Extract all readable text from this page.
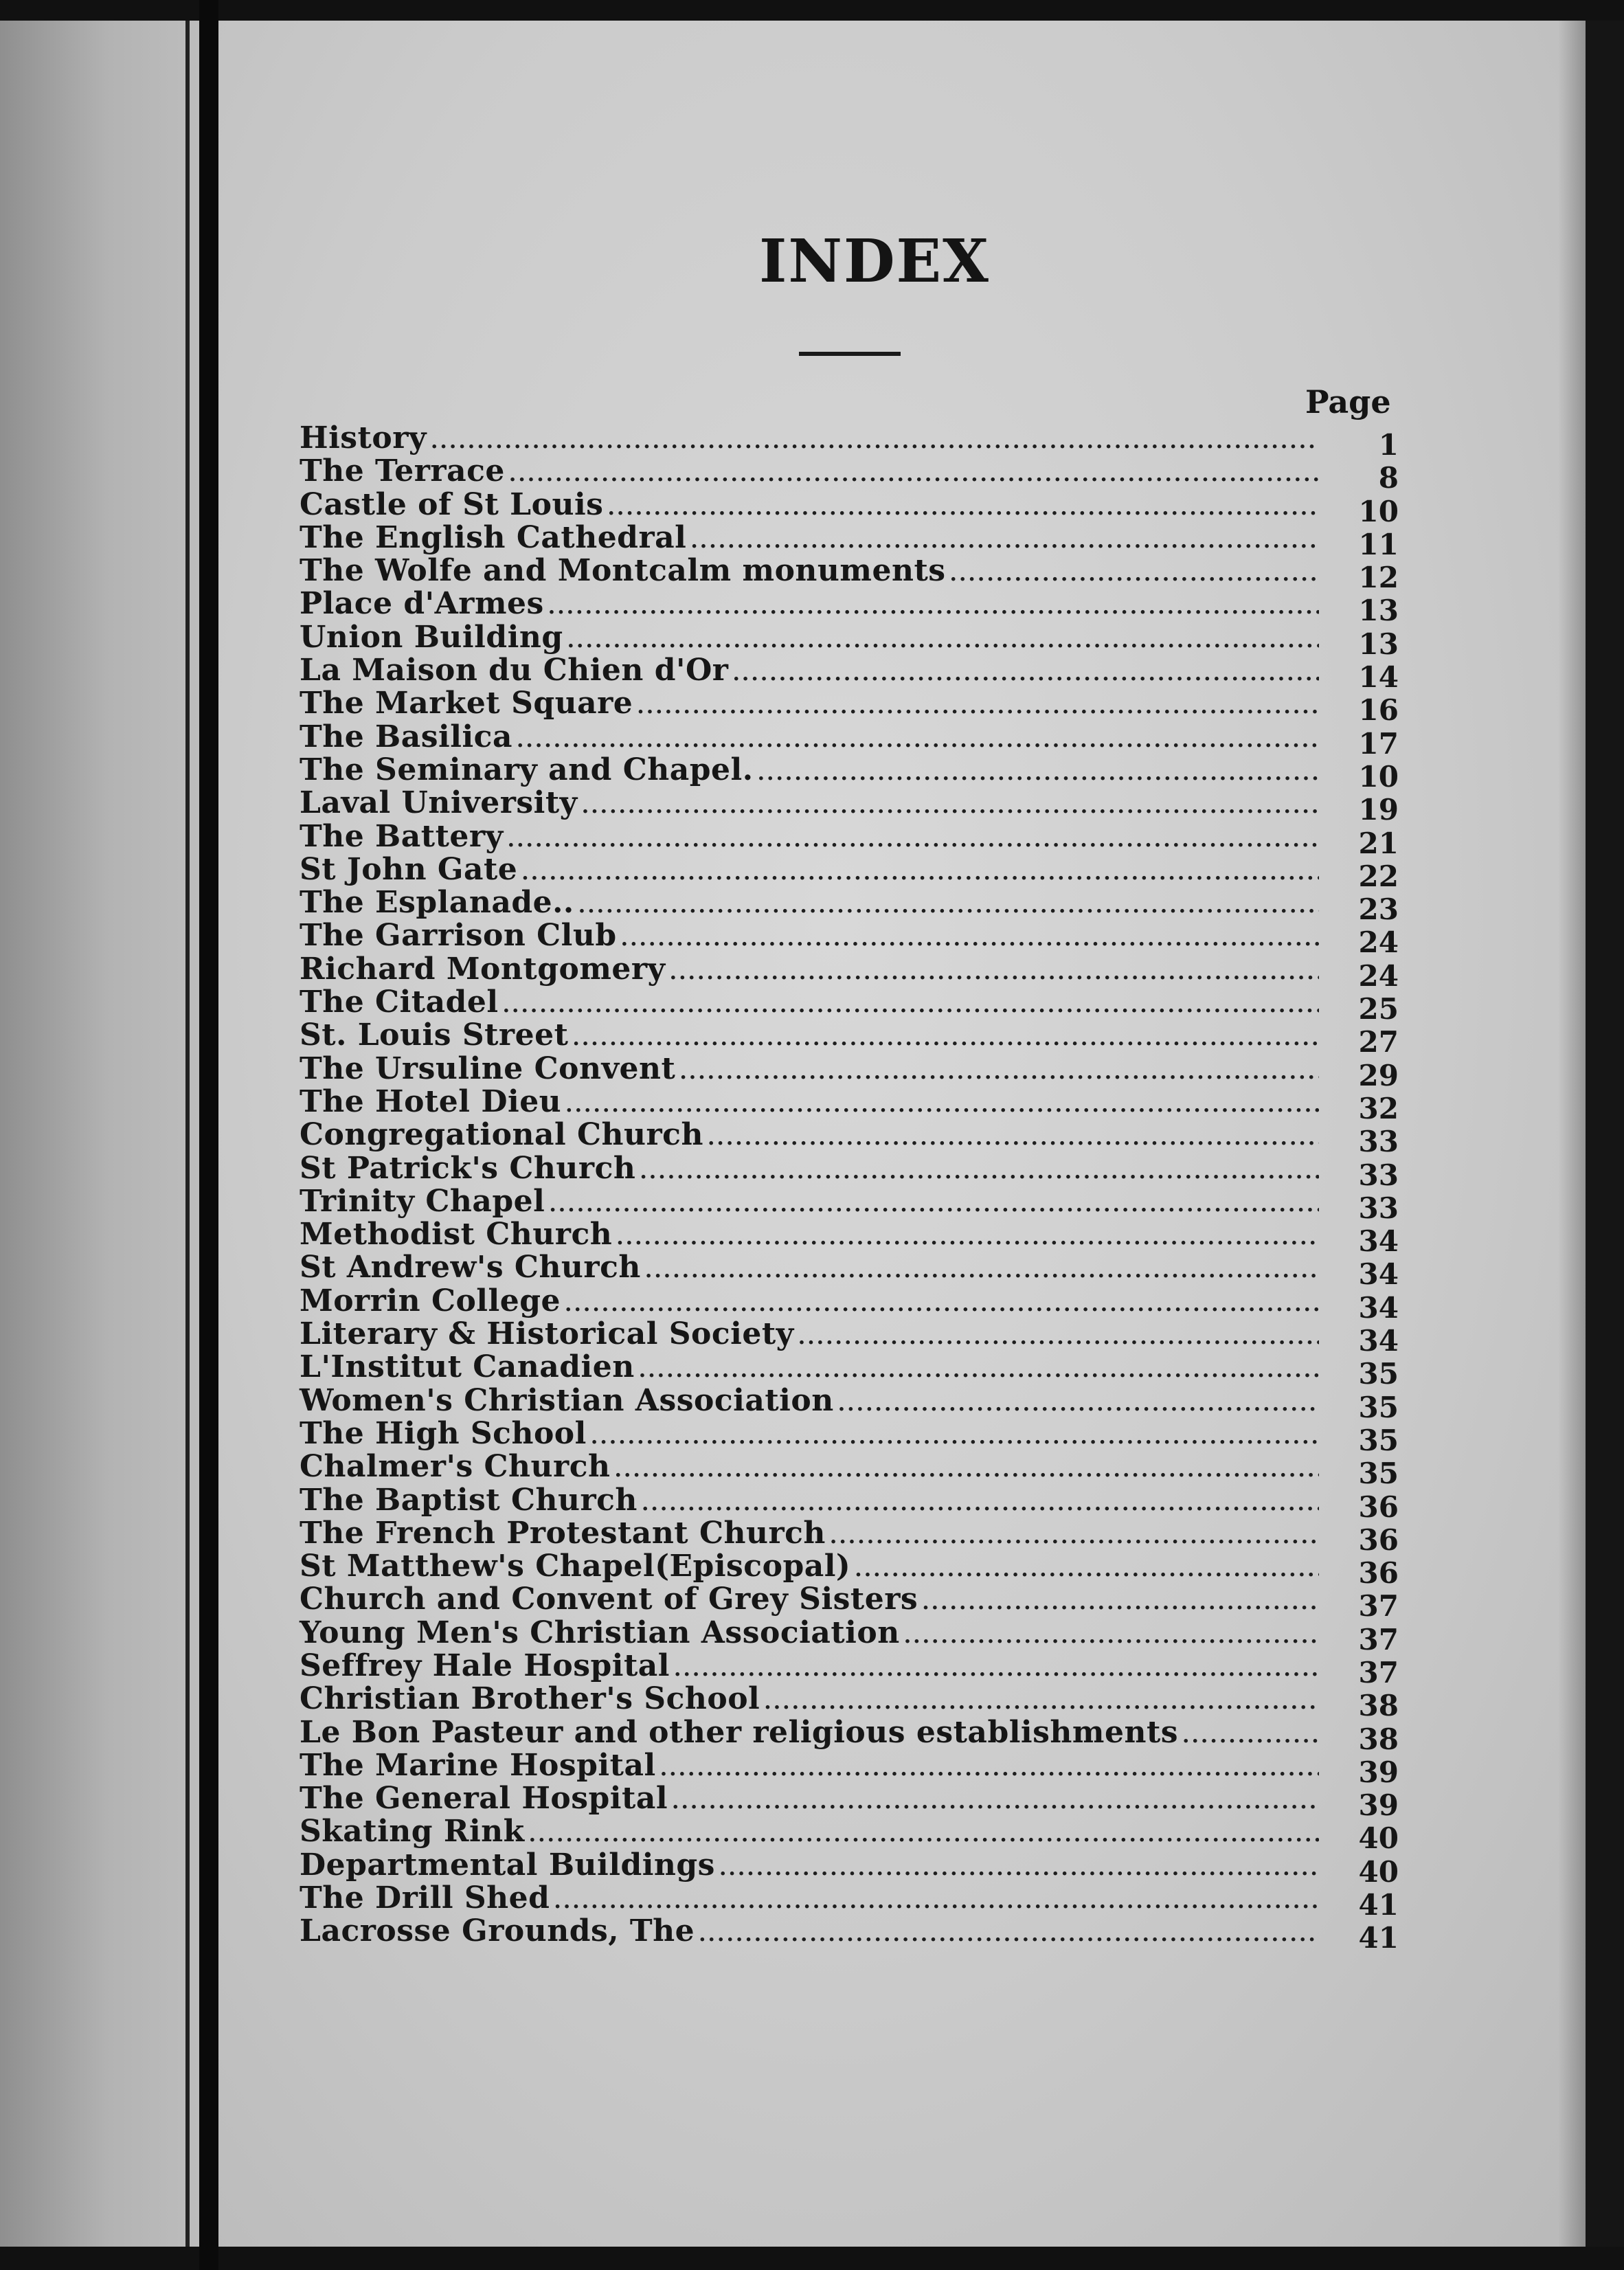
INDEX
Page
History .....	1
The Terrace .....	8
Castle of St Louis .....	10
The English Cathedral .....	11
The Wolfe and Montcalm monuments .....	12
Place d'Armes .....	13
Union Building .....	13
La Maison du Chien d'Or .....	14
The Market Square .....	16
The Basilica .....	17
The Seminary and Chapel. .....	10
Laval University .....	19
The Battery .....	21
St John Gate .....	22
The Esplanade.. .....	23
The Garrison Club .....	24
Richard Montgomery .....	24
The Citadel .....	25
St. Louis Street .....	27
The Ursuline Convent .....	29
The Hotel Dieu .....	32
Congregational Church .....	33
St Patrick's Church .....	33
Trinity Chapel .....	33
Methodist Church .....	34
St Andrew's Church .....	34
Morrin College .....	34
Literary & Historical Society .....	34
L'Institut Canadien .....	35
Women's Christian Association .....	35
The High School .....	35
Chalmer's Church .....	35
The Baptist Church .....	36
The French Protestant Church .....	36
St Matthew's Chapel(Episcopal) .....	36
Church and Convent of Grey Sisters .....	37
Young Men's Christian Association .....	37
Seffrey Hale Hospital .....	37
Christian Brother's School .....	38
Le Bon Pasteur and other religious establishments .....	38
The Marine Hospital .....	39
The General Hospital .....	39
Skating Rink .....	40
Departmental Buildings .....	40
The Drill Shed .....	41
Lacrosse Grounds, The .....	41
